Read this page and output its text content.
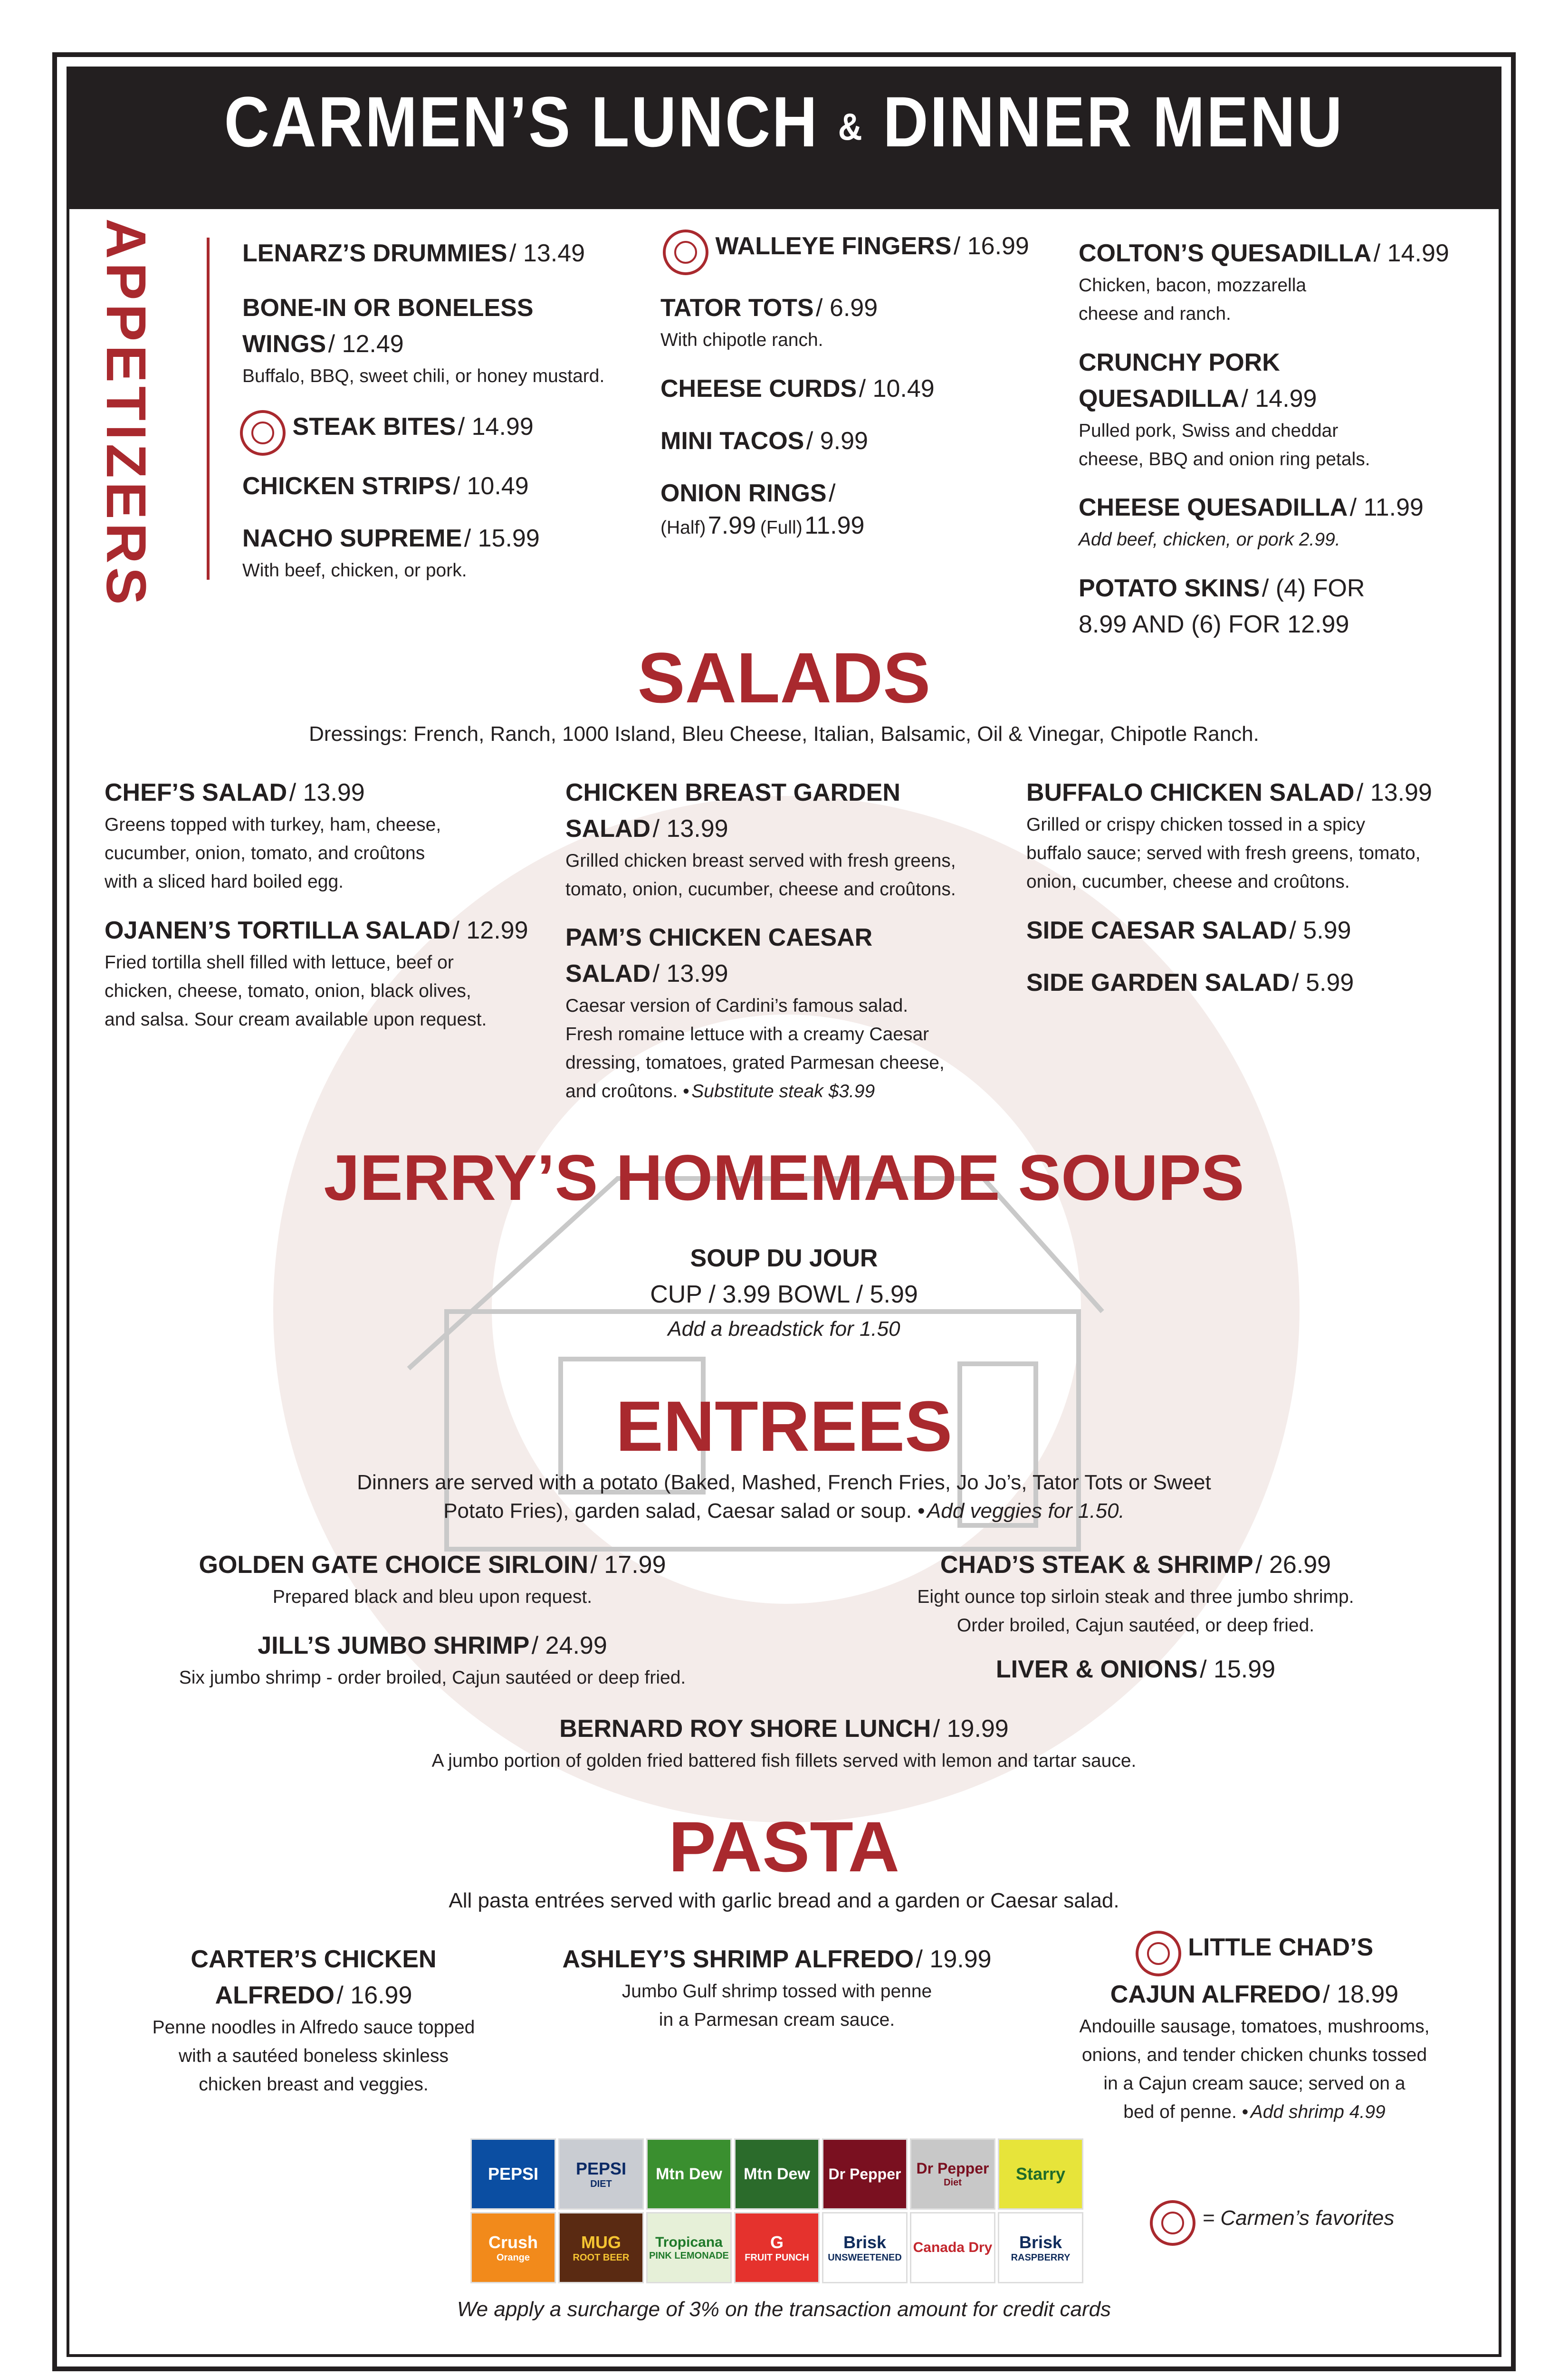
CARMEN’S LUNCH & DINNER MENU
APPETIZERS	LENARZ’S DRUMMIES / 13.49
BONE-IN OR BONELESS
WINGS / 12.49
Buffalo, BBQ, sweet chili, or honey mustard.
STEAK BITES / 14.99
CHICKEN STRIPS / 10.49
NACHO SUPREME / 15.99
With beef, chicken, or pork.
WALLEYE FINGERS / 16.99
TATOR TOTS / 6.99
With chipotle ranch.
CHEESE CURDS / 10.49
MINI TACOS / 9.99
ONION RINGS /
(Half) 7.99 (Full) 11.99
COLTON’S QUESADILLA / 14.99
Chicken, bacon, mozzarella
cheese and ranch.
CRUNCHY PORK
QUESADILLA / 14.99
Pulled pork, Swiss and cheddar
cheese, BBQ and onion ring petals.
CHEESE QUESADILLA / 11.99
Add beef, chicken, or pork 2.99.
POTATO SKINS / (4) FOR
8.99 AND (6) FOR 12.99
SALADS
Dressings: French, Ranch, 1000 Island, Bleu Cheese, Italian, Balsamic, Oil & Vinegar, Chipotle Ranch.
CHEF’S SALAD / 13.99
Greens topped with turkey, ham, cheese,
cucumber, onion, tomato, and croûtons
with a sliced hard boiled egg.
OJANEN’S TORTILLA SALAD / 12.99
Fried tortilla shell filled with lettuce, beef or
chicken, cheese, tomato, onion, black olives,
and salsa. Sour cream available upon request.
CHICKEN BREAST GARDEN
SALAD / 13.99
Grilled chicken breast served with fresh greens,
tomato, onion, cucumber, cheese and croûtons.
PAM’S CHICKEN CAESAR
SALAD / 13.99
Caesar version of Cardini’s famous salad.
Fresh romaine lettuce with a creamy Caesar
dressing, tomatoes, grated Parmesan cheese,
and croûtons. • Substitute steak $3.99
BUFFALO CHICKEN SALAD / 13.99
Grilled or crispy chicken tossed in a spicy
buffalo sauce; served with fresh greens, tomato,
onion, cucumber, cheese and croûtons.
SIDE CAESAR SALAD / 5.99
SIDE GARDEN SALAD / 5.99
JERRY’S HOMEMADE SOUPS
SOUP DU JOUR
CUP / 3.99 BOWL / 5.99
Add a breadstick for 1.50
ENTREES
Dinners are served with a potato (Baked, Mashed, French Fries, Jo Jo’s, Tator Tots or Sweet
Potato Fries), garden salad, Caesar salad or soup. • Add veggies for 1.50.
GOLDEN GATE CHOICE SIRLOIN / 17.99
Prepared black and bleu upon request.
JILL’S JUMBO SHRIMP / 24.99
Six jumbo shrimp - order broiled, Cajun sautéed or deep fried.
CHAD’S STEAK & SHRIMP / 26.99
Eight ounce top sirloin steak and three jumbo shrimp.
Order broiled, Cajun sautéed, or deep fried.
LIVER & ONIONS / 15.99
BERNARD ROY SHORE LUNCH / 19.99
A jumbo portion of golden fried battered fish fillets served with lemon and tartar sauce.
PASTA
All pasta entrées served with garlic bread and a garden or Caesar salad.
CARTER’S CHICKEN
ALFREDO / 16.99
Penne noodles in Alfredo sauce topped
with a sautéed boneless skinless
chicken breast and veggies.
ASHLEY’S SHRIMP ALFREDO / 19.99
Jumbo Gulf shrimp tossed with penne
in a Parmesan cream sauce.
LITTLE CHAD’S
CAJUN ALFREDO / 18.99
Andouille sausage, tomatoes, mushrooms,
onions, and tender chicken chunks tossed
in a Cajun cream sauce; served on a
bed of penne. • Add shrimp 4.99
PEPSI PEPSI
DIET
Mtn Dew Mtn Dew Dr Pepper Dr Pepper
Diet	Starry
Crush
Orange
MUG
ROOT BEER
Tropicana
PINK LEMONADE
G
FRUIT PUNCH
Brisk
UNSWEETENED
Canada Dry Brisk
RASPBERRY
= Carmen’s favorites
We apply a surcharge of 3% on the transaction amount for credit cards
